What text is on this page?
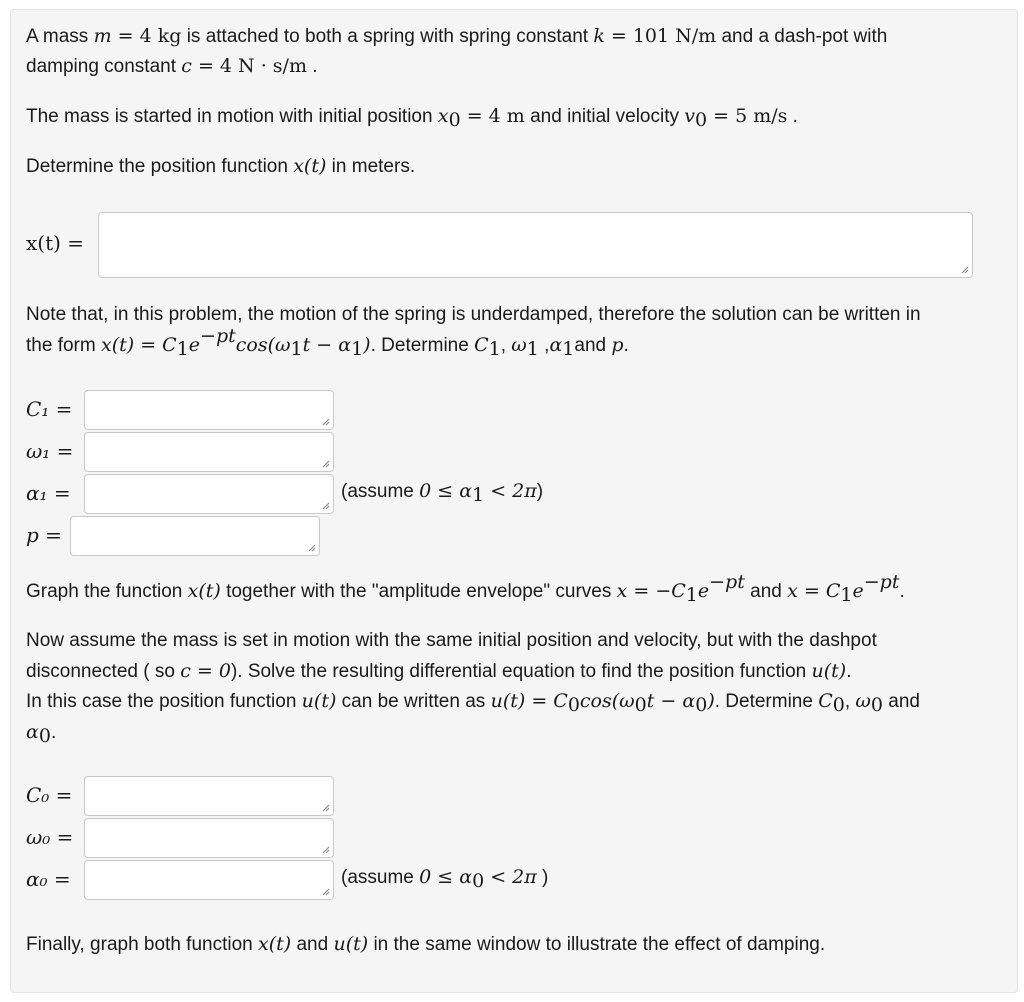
A mass m = 4 kg is attached to both a spring with spring constant k = 101 N/m and a dash-pot with
damping constant c = 4 N · s/m .
The mass is started in motion with initial position $x_0 = 4$ m and initial velocity $v_0 = 5$ m/s .
Determine the position function x(t) in meters.
x(t) =
Note that, in this problem, the motion of the spring is underdamped, therefore the solution can be written in
the form $x(t) = C_1e^{-pt}\cos(\omega_1t - \alpha_1)$. Determine $C_1$, $\omega_1$ $,\alpha_1and$ p.
C₁ =
ω₁ =
α₁ =	(assume $0 \le \alpha_1 < 2\pi$)
p =
Graph the function x(t) together with the "amplitude envelope" curves $x = -C_1e^{-pt}$ and $x = C_1e^{-pt}$.
Now assume the mass is set in motion with the same initial position and velocity, but with the dashpot
disconnected ( so c = 0). Solve the resulting differential equation to find the position function u(t).
In this case the position function u(t) can be written as $u(t) = C_0\cos(\omega_0t - \alpha_0)$. Determine $C_0$, $\omega_0$ and
$\alpha_0$.
C₀ =
ω₀ =
α₀ =	(assume $0 \le \alpha_0 < 2\pi$ )
Finally, graph both function x(t) and u(t) in the same window to illustrate the effect of damping.
